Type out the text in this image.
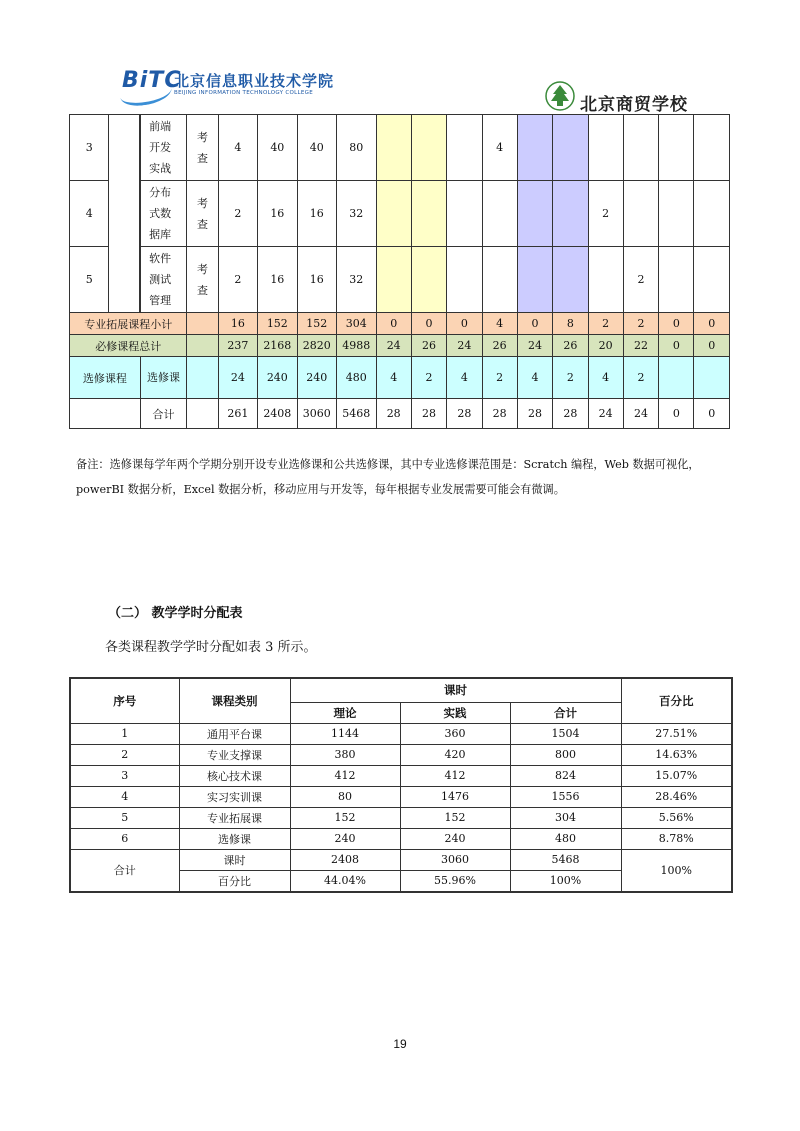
BiTC
北京信息职业技术学院
BEIJING INFORMATION TECHNOLOGY COLLEGE
北京商贸学校
3		前端开发实战	考查	4	40	40	80				4						
4		分布式数据库	考查	2	16	16	32							2			
5		软件测试管理	考查	2	16	16	32								2		
专业拓展课程小计				16	152	152	304	0	0	0	4	0	8	2	2	0	0
必修课程总计				237	2168	2820	4988	24	26	24	26	24	26	20	22	0	0
选修课程		选修课		24	240	240	480	4	2	4	2	4	2	4	2		
		合计		261	2408	3060	5468	28	28	28	28	28	28	24	24	0	0
备注：选修课每学年两个学期分别开设专业选修课和公共选修课，其中专业选修课范围是：Scratch 编程，Web 数据可视化，
powerBI 数据分析，Excel 数据分析，移动应用与开发等，每年根据专业发展需要可能会有微调。
（二） 教学学时分配表
各类课程教学学时分配如表 3 所示。
序号	课程类别	课时			百分比
		理论	实践	合计	
1	通用平台课	1144	360	1504	27.51%
2	专业支撑课	380	420	800	14.63%
3	核心技术课	412	412	824	15.07%
4	实习实训课	80	1476	1556	28.46%
5	专业拓展课	152	152	304	5.56%
6	选修课	240	240	480	8.78%
合计	课时	2408	3060	5468	100%
	百分比	44.04%	55.96%	100%	
19
